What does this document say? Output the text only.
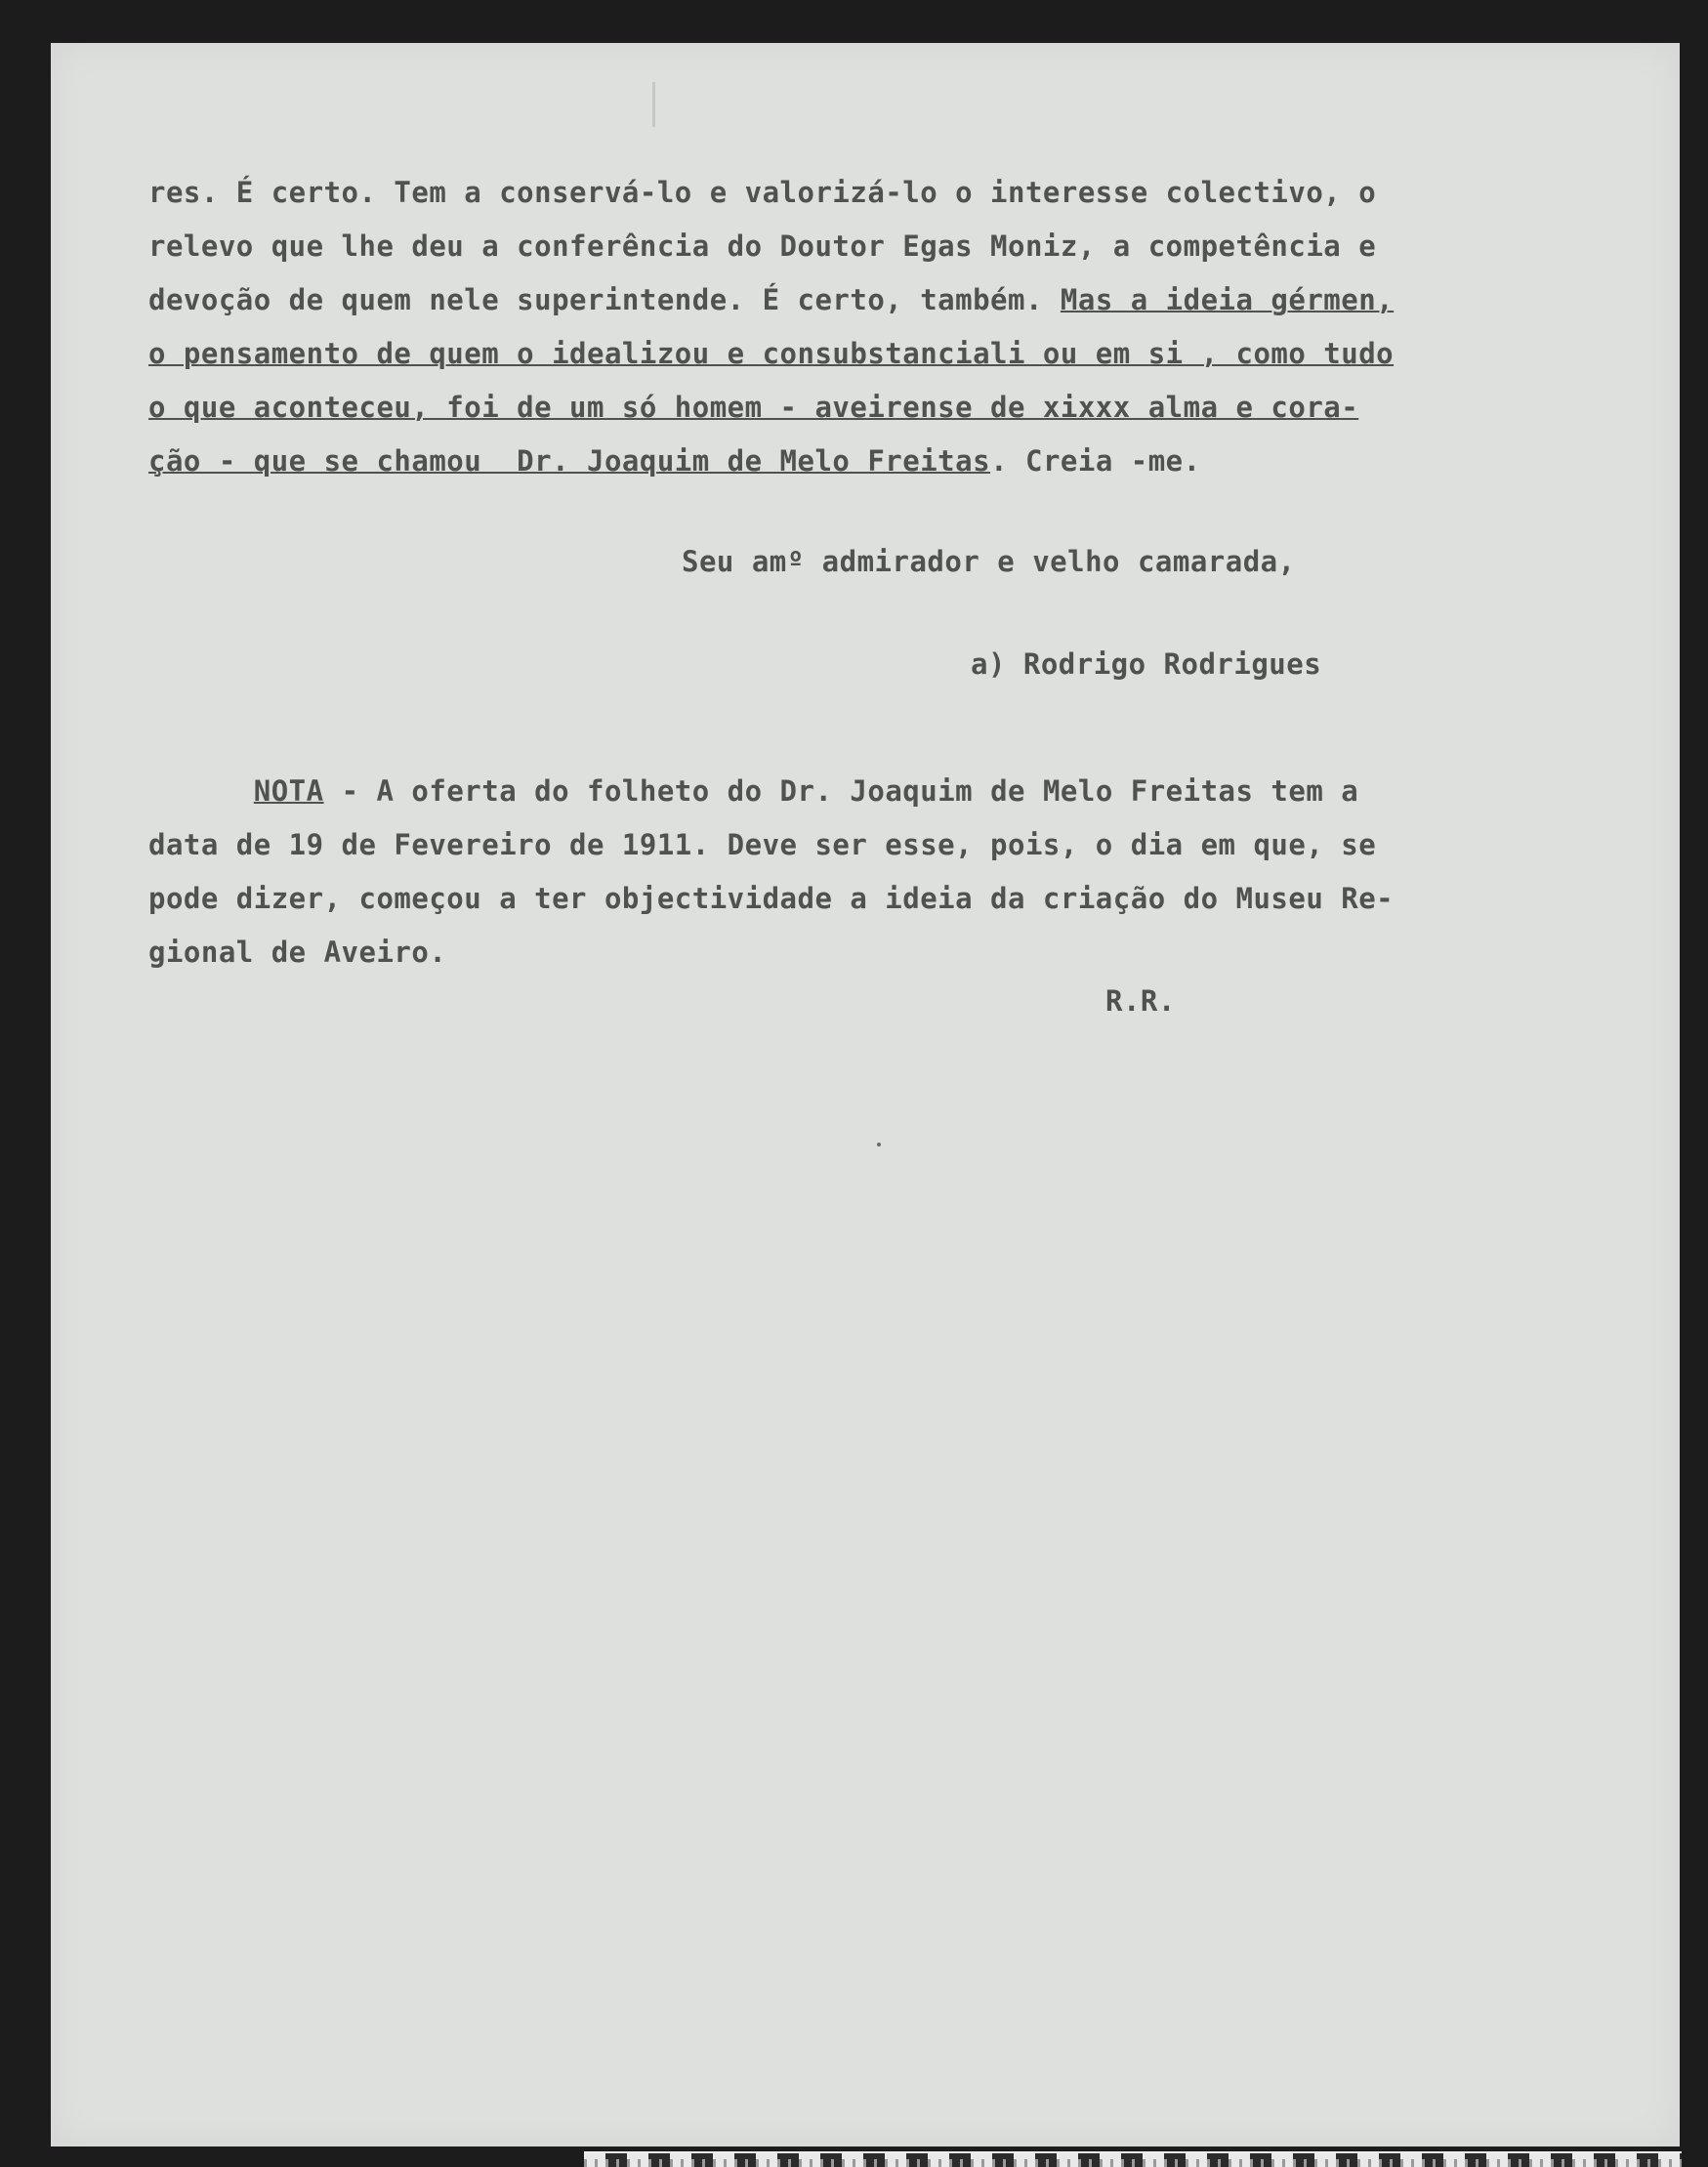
res. É certo. Tem a conservá-lo e valorizá-lo o interesse colectivo, o
relevo que lhe deu a conferência do Doutor Egas Moniz, a competência e
devoção de quem nele superintende. É certo, também. Mas a ideia gérmen,
o pensamento de quem o idealizou e consubstanciali ou em si , como tudo
o que aconteceu, foi de um só homem - aveirense de xixxx alma e cora-
ção - que se chamou  Dr. Joaquim de Melo Freitas. Creia -me.
Seu amº admirador e velho camarada,
a) Rodrigo Rodrigues
NOTA - A oferta do folheto do Dr. Joaquim de Melo Freitas tem a
data de 19 de Fevereiro de 1911. Deve ser esse, pois, o dia em que, se
pode dizer, começou a ter objectividade a ideia da criação do Museu Re-
gional de Aveiro.
R.R.
